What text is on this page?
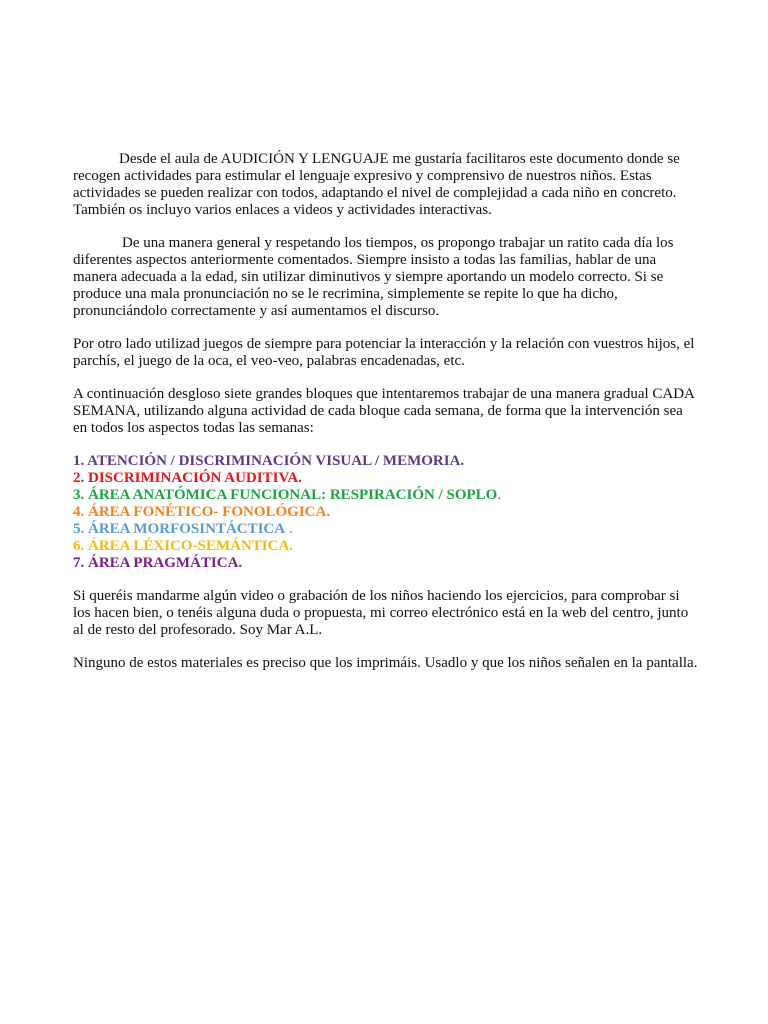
Desde el aula de AUDICIÓN Y LENGUAJE me gustaría facilitaros este documento donde se recogen actividades para estimular el lenguaje expresivo y comprensivo de nuestros niños. Estas actividades se pueden realizar con todos, adaptando el nivel de complejidad a cada niño en concreto. También os incluyo varios enlaces a videos y actividades interactivas.

De una manera general y respetando los tiempos, os propongo trabajar un ratito cada día los diferentes aspectos anteriormente comentados. Siempre insisto a todas las familias, hablar de una manera adecuada a la edad, sin utilizar diminutivos y siempre aportando un modelo correcto. Si se produce una mala pronunciación no se le recrimina, simplemente se repite lo que ha dicho, pronunciándolo correctamente y así aumentamos el discurso.

Por otro lado utilizad juegos de siempre para potenciar la interacción y la relación con vuestros hijos, el parchís, el juego de la oca, el veo-veo, palabras encadenadas, etc.

A continuación desgloso siete grandes bloques que intentaremos trabajar de una manera gradual CADA SEMANA, utilizando alguna actividad de cada bloque cada semana, de forma que la intervención sea en todos los aspectos todas las semanas:

1. ATENCIÓN / DISCRIMINACIÓN VISUAL / MEMORIA.
2. DISCRIMINACIÓN AUDITIVA.
3. ÁREA ANATÓMICA FUNCIONAL: RESPIRACIÓN / SOPLO.
4. ÁREA FONÉTICO- FONOLÓGICA.
5. ÁREA MORFOSINTÁCTICA .
6. ÁREA LÉXICO-SEMÁNTICA.
7. ÁREA PRAGMÁTICA.

Si queréis mandarme algún video o grabación de los niños haciendo los ejercicios, para comprobar si los hacen bien, o tenéis alguna duda o propuesta, mi correo electrónico está en la web del centro, junto al de resto del profesorado. Soy Mar A.L.

Ninguno de estos materiales es preciso que los imprimáis. Usadlo y que los niños señalen en la pantalla.
